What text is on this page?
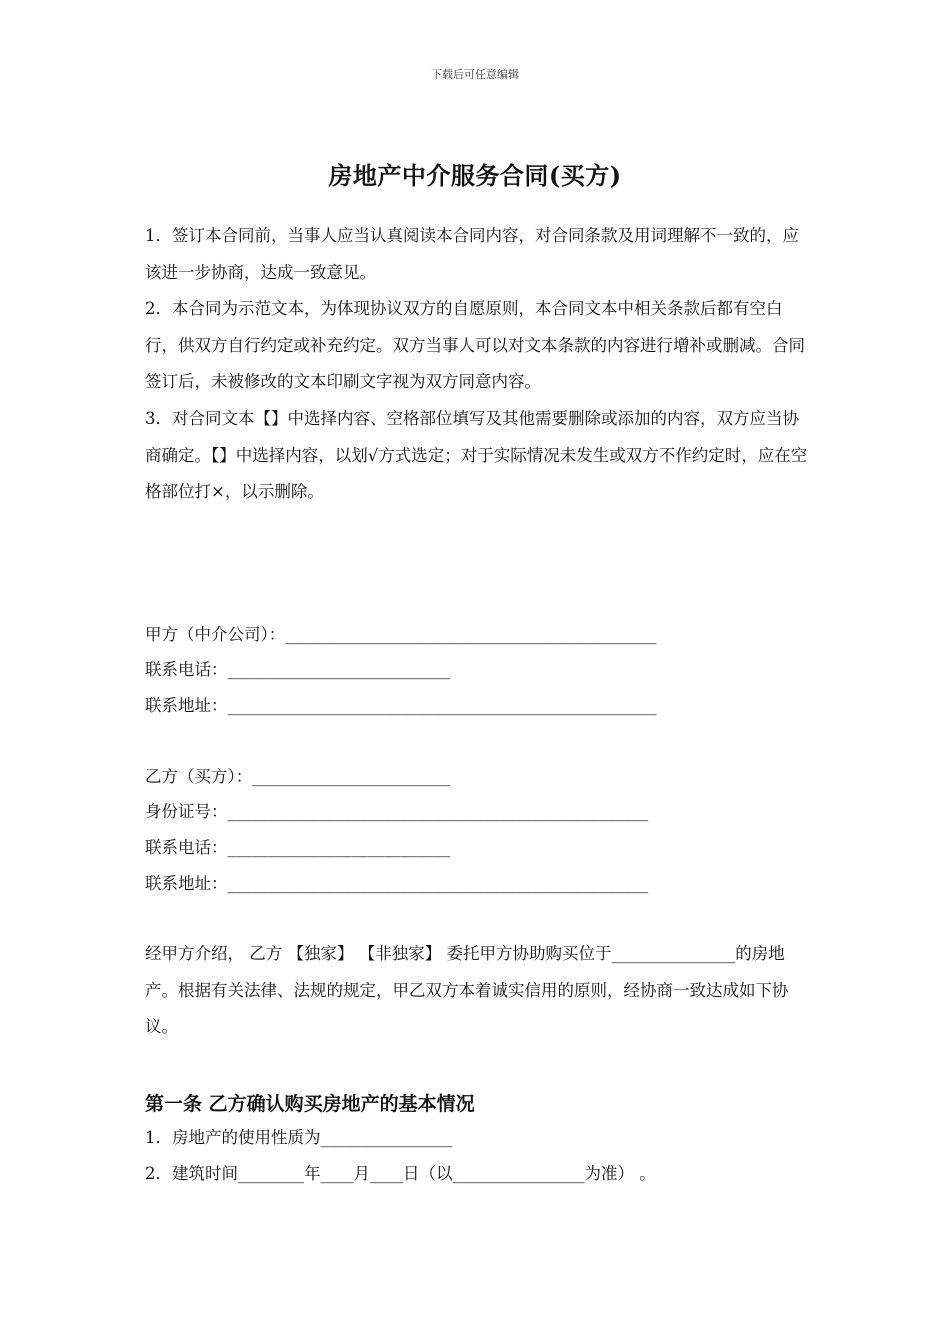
下载后可任意编辑
房地产中介服务合同(买方)
1．签订本合同前，当事人应当认真阅读本合同内容，对合同条款及用词理解不一致的，应该进一步协商，达成一致意见。
2．本合同为示范文本，为体现协议双方的自愿原则，本合同文本中相关条款后都有空白行，供双方自行约定或补充约定。双方当事人可以对文本条款的内容进行增补或删减。合同签订后，未被修改的文本印刷文字视为双方同意内容。
3．对合同文本【】中选择内容、空格部位填写及其他需要删除或添加的内容，双方应当协商确定。【】中选择内容，以划√方式选定；对于实际情况未发生或双方不作约定时，应在空格部位打×，以示删除。
甲方（中介公司）：_____________________________________________
联系电话：___________________________
联系地址：____________________________________________________
乙方（买方）：________________________
身份证号：___________________________________________________
联系电话：___________________________
联系地址：___________________________________________________
经甲方介绍， 乙方 【独家】 【非独家】 委托甲方协助购买位于_______________的房地产。根据有关法律、法规的规定，甲乙双方本着诚实信用的原则，经协商一致达成如下协议。
第一条 乙方确认购买房地产的基本情况
1．房地产的使用性质为________________
2．建筑时间________年____月____日（以________________为准） 。
